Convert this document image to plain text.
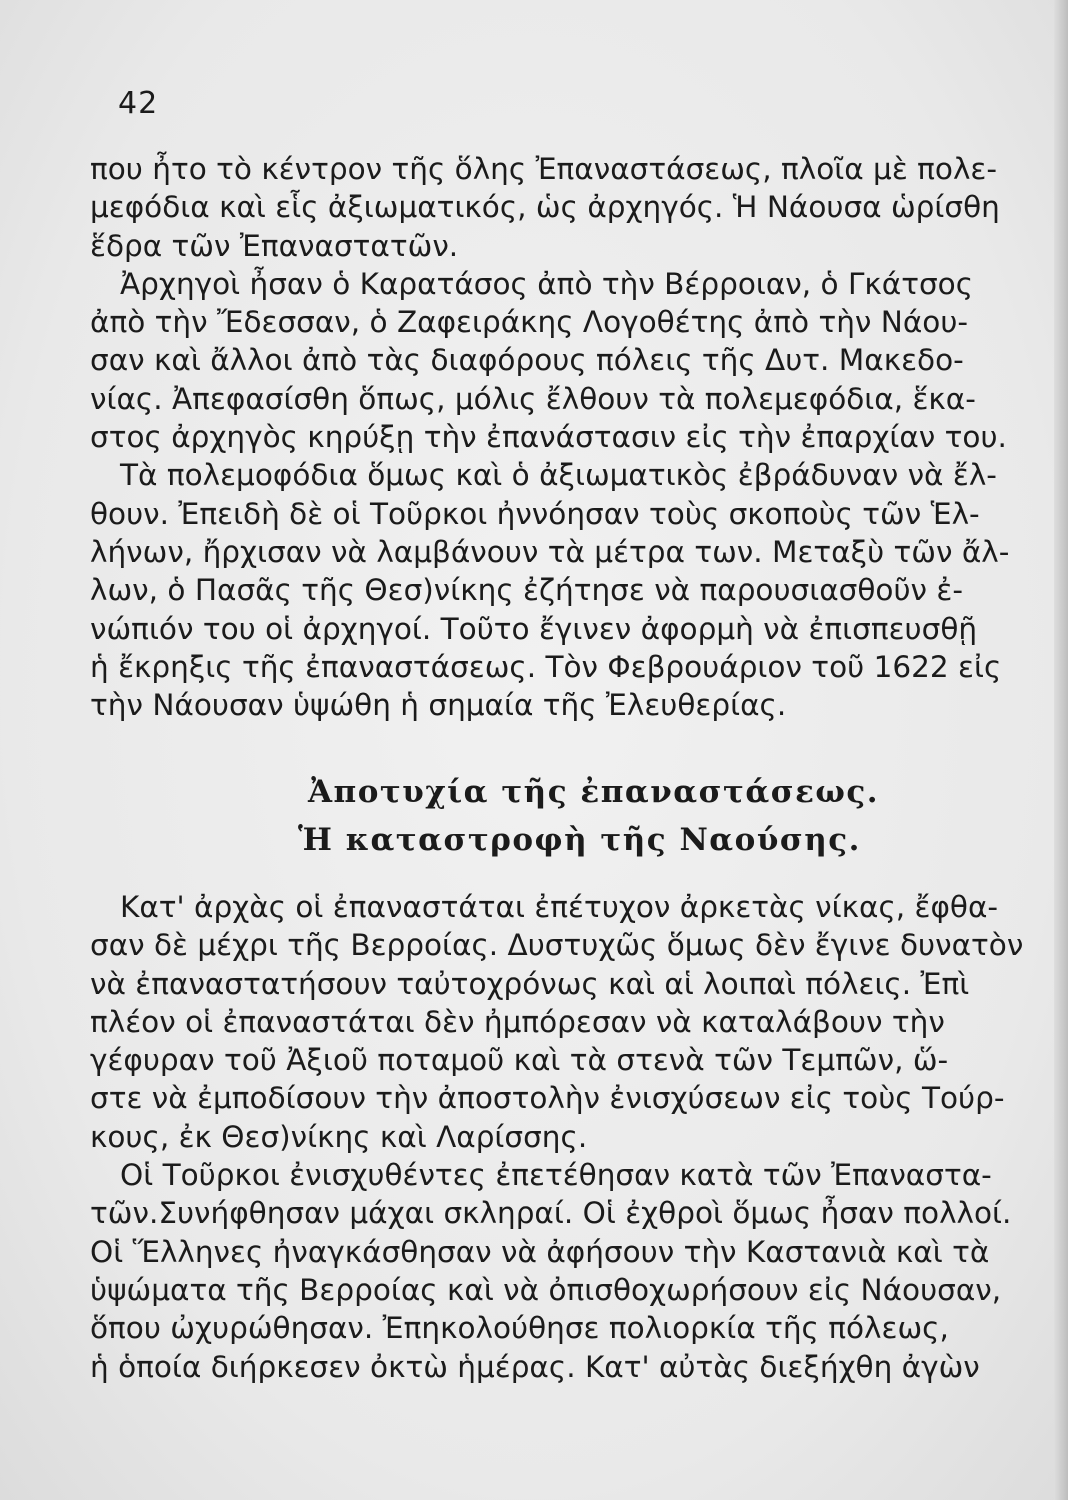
42
που ἦτο τὸ κέντρον τῆς ὅλης Ἐπαναστάσεως, πλοῖα μὲ πολε-
μεφόδια καὶ εἷς ἀξιωματικός, ὡς ἀρχηγός. Ἡ Νάουσα ὡρίσθη
ἕδρα τῶν Ἐπαναστατῶν.
Ἀρχηγοὶ ἦσαν ὁ Καρατάσος ἀπὸ τὴν Βέρροιαν, ὁ Γκάτσος
ἀπὸ τὴν Ἔδεσσαν, ὁ Ζαφειράκης Λογοθέτης ἀπὸ τὴν Νάου-
σαν καὶ ἄλλοι ἀπὸ τὰς διαφόρους πόλεις τῆς Δυτ. Μακεδο-
νίας. Ἀπεφασίσθη ὅπως, μόλις ἔλθουν τὰ πολεμεφόδια, ἕκα-
στος ἀρχηγὸς κηρύξῃ τὴν ἐπανάστασιν εἰς τὴν ἐπαρχίαν του.
Τὰ πολεμοφόδια ὅμως καὶ ὁ ἀξιωματικὸς ἐβράδυναν νὰ ἔλ-
θουν. Ἐπειδὴ δὲ οἱ Τοῦρκοι ἠννόησαν τοὺς σκοποὺς τῶν Ἑλ-
λήνων, ἤρχισαν νὰ λαμβάνουν τὰ μέτρα των. Μεταξὺ τῶν ἄλ-
λων, ὁ Πασᾶς τῆς Θεσ)νίκης ἐζήτησε νὰ παρουσιασθοῦν ἐ-
νώπιόν του οἱ ἀρχηγοί. Τοῦτο ἔγινεν ἀφορμὴ νὰ ἐπισπευσθῇ
ἡ ἔκρηξις τῆς ἐπαναστάσεως. Τὸν Φεβρουάριον τοῦ 1622 εἰς
τὴν Νάουσαν ὑψώθη ἡ σημαία τῆς Ἐλευθερίας.
Ἀποτυχία τῆς ἐπαναστάσεως.
Ἡ καταστροφὴ τῆς Ναούσης.
Κατ' ἀρχὰς οἱ ἐπαναστάται ἐπέτυχον ἀρκετὰς νίκας, ἔφθα-
σαν δὲ μέχρι τῆς Βερροίας. Δυστυχῶς ὅμως δὲν ἔγινε δυνατὸν
νὰ ἐπαναστατήσουν ταὐτοχρόνως καὶ αἱ λοιπαὶ πόλεις. Ἐπὶ
πλέον οἱ ἐπαναστάται δὲν ἠμπόρεσαν νὰ καταλάβουν τὴν
γέφυραν τοῦ Ἀξιοῦ ποταμοῦ καὶ τὰ στενὰ τῶν Τεμπῶν, ὥ-
στε νὰ ἐμποδίσουν τὴν ἀποστολὴν ἐνισχύσεων εἰς τοὺς Τούρ-
κους, ἐκ Θεσ)νίκης καὶ Λαρίσσης.
Οἱ Τοῦρκοι ἐνισχυθέντες ἐπετέθησαν κατὰ τῶν Ἐπαναστα-
τῶν.Συνήφθησαν μάχαι σκληραί. Οἱ ἐχθροὶ ὅμως ἦσαν πολλοί.
Οἱ Ἕλληνες ἠναγκάσθησαν νὰ ἀφήσουν τὴν Καστανιὰ καὶ τὰ
ὑψώματα τῆς Βερροίας καὶ νὰ ὀπισθοχωρήσουν εἰς Νάουσαν,
ὅπου ὠχυρώθησαν. Ἐπηκολούθησε πολιορκία τῆς πόλεως,
ἡ ὁποία διήρκεσεν ὀκτὼ ἡμέρας. Κατ' αὐτὰς διεξήχθη ἀγὼν
